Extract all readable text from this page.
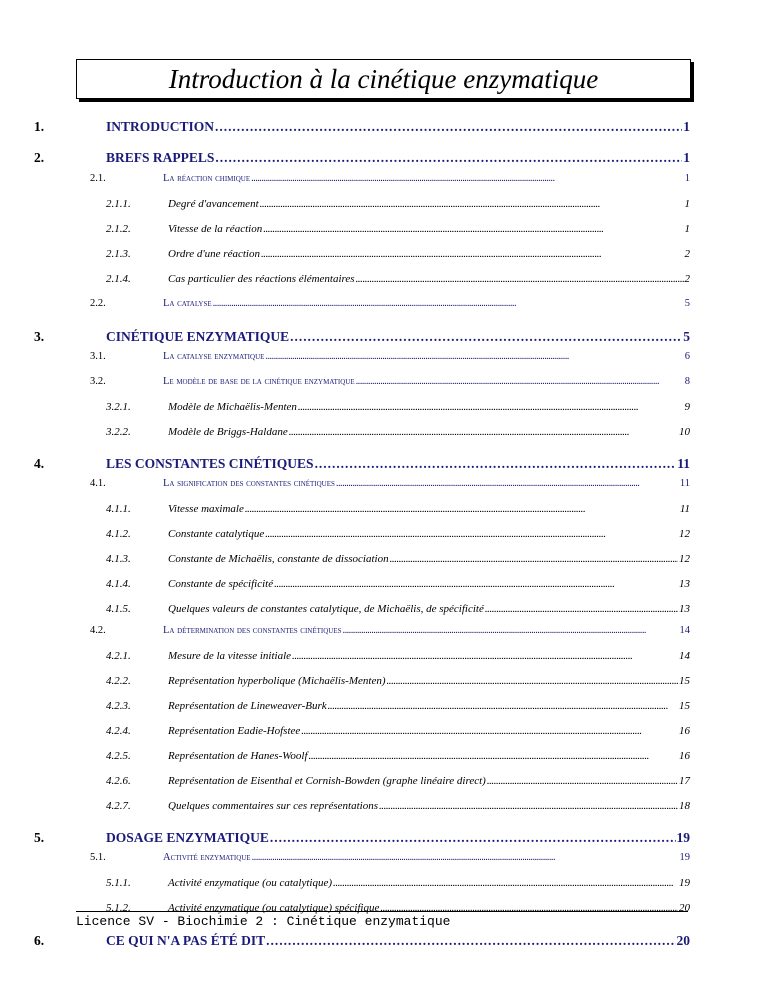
Introduction à la cinétique enzymatique
1.	INTRODUCTION . . .	1
2.	BREFS RAPPELS . . .	1
2.1.	La réaction chimique . . .	1
2.1.1.	Degré d'avancement . . .	1
2.1.2.	Vitesse de la réaction . . .	1
2.1.3.	Ordre d'une réaction . . .	2
2.1.4.	Cas particulier des réactions élémentaires . . .	2
2.2.	La catalyse . . .	5
3.	CINÉTIQUE ENZYMATIQUE . . .	5
3.1.	La catalyse enzymatique . . .	6
3.2.	Le modèle de base de la cinétique enzymatique . . .	8
3.2.1.	Modèle de Michaëlis-Menten . . .	9
3.2.2.	Modèle de Briggs-Haldane . . .	10
4.	LES CONSTANTES CINÉTIQUES . . .	11
4.1.	La signification des constantes cinétiques . . .	11
4.1.1.	Vitesse maximale . . .	11
4.1.2.	Constante catalytique . . .	12
4.1.3.	Constante de Michaëlis, constante de dissociation . . .	12
4.1.4.	Constante de spécificité . . .	13
4.1.5.	Quelques valeurs de constantes catalytique, de Michaëlis, de spécificité . . .	13
4.2.	La détermination des constantes cinétiques . . .	14
4.2.1.	Mesure de la vitesse initiale . . .	14
4.2.2.	Représentation hyperbolique (Michaëlis-Menten) . . .	15
4.2.3.	Représentation de Lineweaver-Burk . . .	15
4.2.4.	Représentation Eadie-Hofstee . . .	16
4.2.5.	Représentation de Hanes-Woolf . . .	16
4.2.6.	Représentation de Eisenthal et Cornish-Bowden (graphe linéaire direct) . . .	17
4.2.7.	Quelques commentaires sur ces représentations . . .	18
5.	DOSAGE ENZYMATIQUE . . .	19
5.1.	Activité enzymatique . . .	19
5.1.1.	Activité enzymatique (ou catalytique) . . .	19
5.1.2.	Activité enzymatique (ou catalytique) spécifique . . .	20
6.	CE QUI N'A PAS ÉTÉ DIT . . .	20
Licence SV - Biochimie 2 : Cinétique enzymatique
